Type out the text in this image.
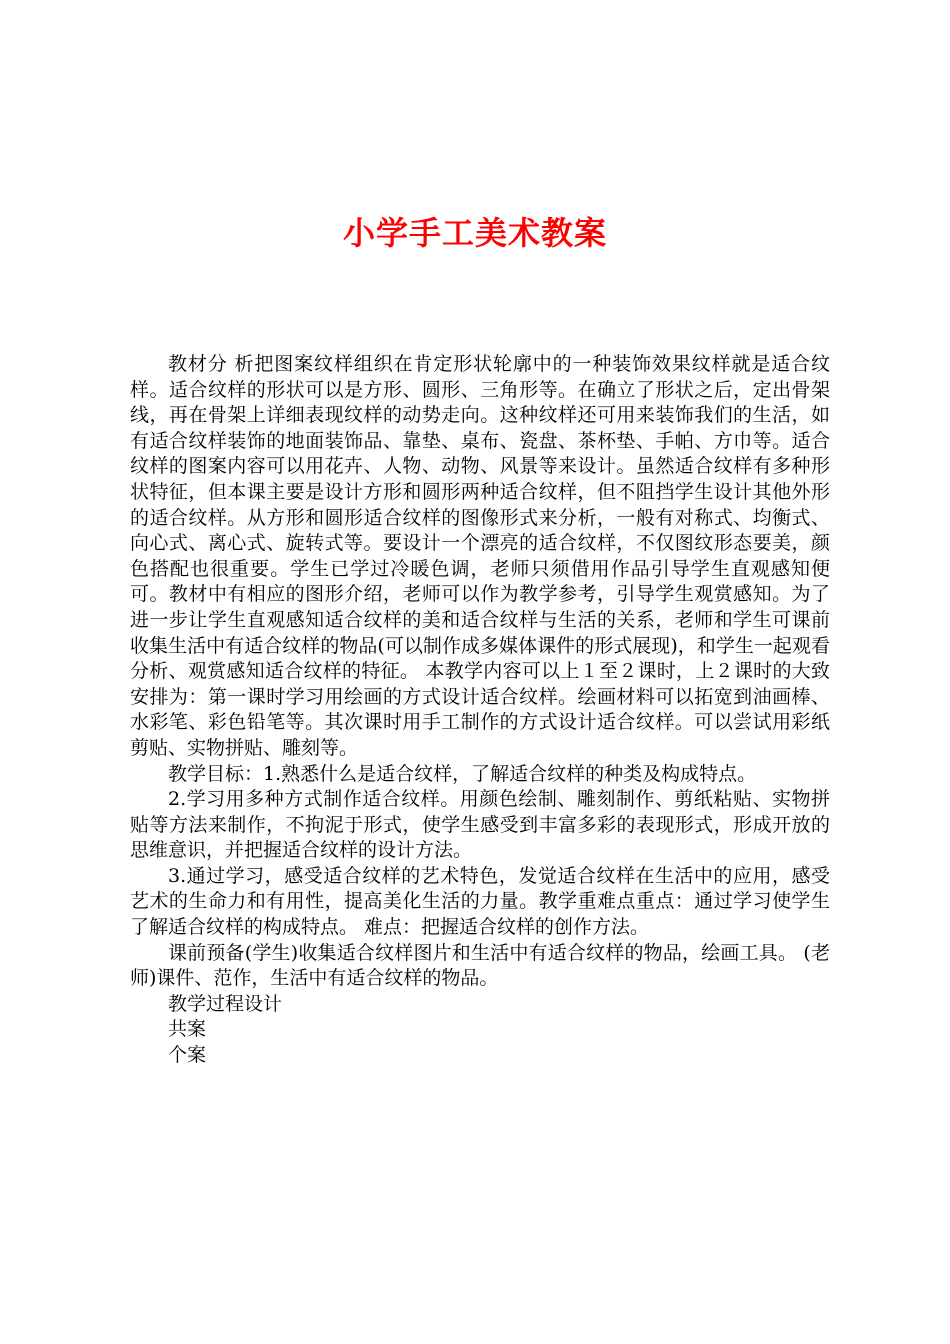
小学手工美术教案

教材分 析把图案纹样组织在肯定形状轮廓中的一种装饰效果纹样就是适合纹样。适合纹样的形状可以是方形、圆形、三角形等。在确立了形状之后，定出骨架线，再在骨架上详细表现纹样的动势走向。这种纹样还可用来装饰我们的生活，如有适合纹样装饰的地面装饰品、靠垫、桌布、瓷盘、茶杯垫、手帕、方巾等。适合纹样的图案内容可以用花卉、人物、动物、风景等来设计。虽然适合纹样有多种形状特征，但本课主要是设计方形和圆形两种适合纹样，但不阻挡学生设计其他外形的适合纹样。从方形和圆形适合纹样的图像形式来分析，一般有对称式、均衡式、向心式、离心式、旋转式等。要设计一个漂亮的适合纹样，不仅图纹形态要美，颜色搭配也很重要。学生已学过冷暖色调，老师只须借用作品引导学生直观感知便可。教材中有相应的图形介绍，老师可以作为教学参考，引导学生观赏感知。为了进一步让学生直观感知适合纹样的美和适合纹样与生活的关系，老师和学生可课前收集生活中有适合纹样的物品(可以制作成多媒体课件的形式展现)，和学生一起观看分析、观赏感知适合纹样的特征。 本教学内容可以上１至２课时，上２课时的大致安排为：第一课时学习用绘画的方式设计适合纹样。绘画材料可以拓宽到油画棒、水彩笔、彩色铅笔等。其次课时用手工制作的方式设计适合纹样。可以尝试用彩纸剪贴、实物拼贴、雕刻等。

教学目标：1.熟悉什么是适合纹样，了解适合纹样的种类及构成特点。

2.学习用多种方式制作适合纹样。用颜色绘制、雕刻制作、剪纸粘贴、实物拼贴等方法来制作，不拘泥于形式，使学生感受到丰富多彩的表现形式，形成开放的思维意识，并把握适合纹样的设计方法。

3.通过学习，感受适合纹样的艺术特色，发觉适合纹样在生活中的应用，感受艺术的生命力和有用性，提高美化生活的力量。教学重难点重点：通过学习使学生了解适合纹样的构成特点。 难点：把握适合纹样的创作方法。

课前预备(学生)收集适合纹样图片和生活中有适合纹样的物品，绘画工具。 (老师)课件、范作，生活中有适合纹样的物品。

教学过程设计

共案

个案
